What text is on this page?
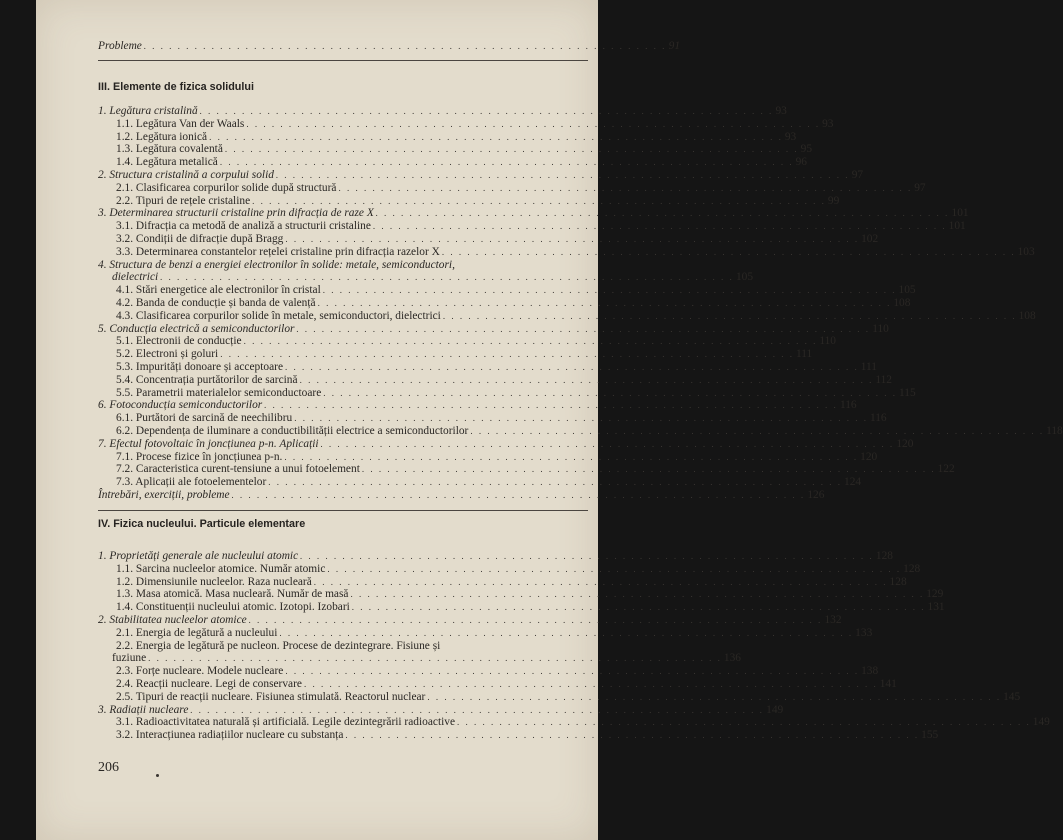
Probleme . . . . . . . . . . . . . . . . . . . . . . . . . . . . . . . . . . . . . . . . . . . . . . . . . . . . . . . . . . . . . . 91
III. Elemente de fizica solidului
1. Legătura cristalină . . . . . . . . . . . . . . . . . . . . . . . . . . . . . . . . . . . . . . . . . . . . . . . . . . . . . . . . . . . . . . . . . . . . 93
1.1. Legătura Van der Waals . . . . . . . . . . . . . . . . . . . . . . . . . . . . . . . . . . . . . . . . . . . . . . . . . . . . . . . . . . . . . . . . . . . . 93
1.2. Legătura ionică . . . . . . . . . . . . . . . . . . . . . . . . . . . . . . . . . . . . . . . . . . . . . . . . . . . . . . . . . . . . . . . . . . . . 93
1.3. Legătura covalentă . . . . . . . . . . . . . . . . . . . . . . . . . . . . . . . . . . . . . . . . . . . . . . . . . . . . . . . . . . . . . . . . . . . . 95
1.4. Legătura metalică . . . . . . . . . . . . . . . . . . . . . . . . . . . . . . . . . . . . . . . . . . . . . . . . . . . . . . . . . . . . . . . . . . . . 96
2. Structura cristalină a corpului solid . . . . . . . . . . . . . . . . . . . . . . . . . . . . . . . . . . . . . . . . . . . . . . . . . . . . . . . . . . . . . . . . . . . . 97
2.1. Clasificarea corpurilor solide după structură . . . . . . . . . . . . . . . . . . . . . . . . . . . . . . . . . . . . . . . . . . . . . . . . . . . . . . . . . . . . . . . . . . . . 97
2.2. Tipuri de rețele cristaline . . . . . . . . . . . . . . . . . . . . . . . . . . . . . . . . . . . . . . . . . . . . . . . . . . . . . . . . . . . . . . . . . . . . 99
3. Determinarea structurii cristaline prin difracția de raze X . . . . . . . . . . . . . . . . . . . . . . . . . . . . . . . . . . . . . . . . . . . . . . . . . . . . . . . . . . . . . . . . . . . . 101
3.1. Difracția ca metodă de analiză a structurii cristaline . . . . . . . . . . . . . . . . . . . . . . . . . . . . . . . . . . . . . . . . . . . . . . . . . . . . . . . . . . . . . . . . . . . . 101
3.2. Condiții de difracție după Bragg . . . . . . . . . . . . . . . . . . . . . . . . . . . . . . . . . . . . . . . . . . . . . . . . . . . . . . . . . . . . . . . . . . . . 102
3.3. Determinarea constantelor rețelei cristaline prin difracția razelor X . . . . . . . . . . . . . . . . . . . . . . . . . . . . . . . . . . . . . . . . . . . . . . . . . . . . . . . . . . . . . . . . . . . . 103
4. Structura de benzi a energiei electronilor în solide: metale, semiconductori,
dielectrici . . . . . . . . . . . . . . . . . . . . . . . . . . . . . . . . . . . . . . . . . . . . . . . . . . . . . . . . . . . . . . . . . . . . 105
4.1. Stări energetice ale electronilor în cristal . . . . . . . . . . . . . . . . . . . . . . . . . . . . . . . . . . . . . . . . . . . . . . . . . . . . . . . . . . . . . . . . . . . . 105
4.2. Banda de conducție și banda de valență . . . . . . . . . . . . . . . . . . . . . . . . . . . . . . . . . . . . . . . . . . . . . . . . . . . . . . . . . . . . . . . . . . . . 108
4.3. Clasificarea corpurilor solide în metale, semiconductori, dielectrici . . . . . . . . . . . . . . . . . . . . . . . . . . . . . . . . . . . . . . . . . . . . . . . . . . . . . . . . . . . . . . . . . . . . 108
5. Conducția electrică a semiconductorilor . . . . . . . . . . . . . . . . . . . . . . . . . . . . . . . . . . . . . . . . . . . . . . . . . . . . . . . . . . . . . . . . . . . . 110
5.1. Electronii de conducție . . . . . . . . . . . . . . . . . . . . . . . . . . . . . . . . . . . . . . . . . . . . . . . . . . . . . . . . . . . . . . . . . . . . 110
5.2. Electroni și goluri . . . . . . . . . . . . . . . . . . . . . . . . . . . . . . . . . . . . . . . . . . . . . . . . . . . . . . . . . . . . . . . . . . . . 111
5.3. Impurități donoare și acceptoare . . . . . . . . . . . . . . . . . . . . . . . . . . . . . . . . . . . . . . . . . . . . . . . . . . . . . . . . . . . . . . . . . . . . 111
5.4. Concentrația purtătorilor de sarcină . . . . . . . . . . . . . . . . . . . . . . . . . . . . . . . . . . . . . . . . . . . . . . . . . . . . . . . . . . . . . . . . . . . . 112
5.5. Parametrii materialelor semiconductoare . . . . . . . . . . . . . . . . . . . . . . . . . . . . . . . . . . . . . . . . . . . . . . . . . . . . . . . . . . . . . . . . . . . . 115
6. Fotoconducția semiconductorilor . . . . . . . . . . . . . . . . . . . . . . . . . . . . . . . . . . . . . . . . . . . . . . . . . . . . . . . . . . . . . . . . . . . . 116
6.1. Purtători de sarcină de neechilibru . . . . . . . . . . . . . . . . . . . . . . . . . . . . . . . . . . . . . . . . . . . . . . . . . . . . . . . . . . . . . . . . . . . . 116
6.2. Dependența de iluminare a conductibilității electrice a semiconductorilor . . . . . . . . . . . . . . . . . . . . . . . . . . . . . . . . . . . . . . . . . . . . . . . . . . . . . . . . . . . . . . . . . . . . 118
7. Efectul fotovoltaic în joncțiunea p-n. Aplicații . . . . . . . . . . . . . . . . . . . . . . . . . . . . . . . . . . . . . . . . . . . . . . . . . . . . . . . . . . . . . . . . . . . . 120
7.1. Procese fizice în joncțiunea p-n. . . . . . . . . . . . . . . . . . . . . . . . . . . . . . . . . . . . . . . . . . . . . . . . . . . . . . . . . . . . . . . . . . . . . 120
7.2. Caracteristica curent-tensiune a unui fotoelement . . . . . . . . . . . . . . . . . . . . . . . . . . . . . . . . . . . . . . . . . . . . . . . . . . . . . . . . . . . . . . . . . . . . 122
7.3. Aplicații ale fotoelementelor . . . . . . . . . . . . . . . . . . . . . . . . . . . . . . . . . . . . . . . . . . . . . . . . . . . . . . . . . . . . . . . . . . . . 124
Întrebări, exerciții, probleme . . . . . . . . . . . . . . . . . . . . . . . . . . . . . . . . . . . . . . . . . . . . . . . . . . . . . . . . . . . . . . . . . . . . 126
IV. Fizica nucleului. Particule elementare
1. Proprietăți generale ale nucleului atomic . . . . . . . . . . . . . . . . . . . . . . . . . . . . . . . . . . . . . . . . . . . . . . . . . . . . . . . . . . . . . . . . . . . . 128
1.1. Sarcina nucleelor atomice. Număr atomic . . . . . . . . . . . . . . . . . . . . . . . . . . . . . . . . . . . . . . . . . . . . . . . . . . . . . . . . . . . . . . . . . . . . 128
1.2. Dimensiunile nucleelor. Raza nucleară . . . . . . . . . . . . . . . . . . . . . . . . . . . . . . . . . . . . . . . . . . . . . . . . . . . . . . . . . . . . . . . . . . . . 128
1.3. Masa atomică. Masa nucleară. Număr de masă . . . . . . . . . . . . . . . . . . . . . . . . . . . . . . . . . . . . . . . . . . . . . . . . . . . . . . . . . . . . . . . . . . . . 129
1.4. Constituenții nucleului atomic. Izotopi. Izobari . . . . . . . . . . . . . . . . . . . . . . . . . . . . . . . . . . . . . . . . . . . . . . . . . . . . . . . . . . . . . . . . . . . . 131
2. Stabilitatea nucleelor atomice . . . . . . . . . . . . . . . . . . . . . . . . . . . . . . . . . . . . . . . . . . . . . . . . . . . . . . . . . . . . . . . . . . . . 132
2.1. Energia de legătură a nucleului . . . . . . . . . . . . . . . . . . . . . . . . . . . . . . . . . . . . . . . . . . . . . . . . . . . . . . . . . . . . . . . . . . . . 133
2.2. Energia de legătură pe nucleon. Procese de dezintegrare. Fisiune și
fuziune . . . . . . . . . . . . . . . . . . . . . . . . . . . . . . . . . . . . . . . . . . . . . . . . . . . . . . . . . . . . . . . . . . . . 136
2.3. Forțe nucleare. Modele nucleare . . . . . . . . . . . . . . . . . . . . . . . . . . . . . . . . . . . . . . . . . . . . . . . . . . . . . . . . . . . . . . . . . . . . 138
2.4. Reacții nucleare. Legi de conservare . . . . . . . . . . . . . . . . . . . . . . . . . . . . . . . . . . . . . . . . . . . . . . . . . . . . . . . . . . . . . . . . . . . . 141
2.5. Tipuri de reacții nucleare. Fisiunea stimulată. Reactorul nuclear . . . . . . . . . . . . . . . . . . . . . . . . . . . . . . . . . . . . . . . . . . . . . . . . . . . . . . . . . . . . . . . . . . . . 145
3. Radiații nucleare . . . . . . . . . . . . . . . . . . . . . . . . . . . . . . . . . . . . . . . . . . . . . . . . . . . . . . . . . . . . . . . . . . . . 149
3.1. Radioactivitatea naturală și artificială. Legile dezintegrării radioactive . . . . . . . . . . . . . . . . . . . . . . . . . . . . . . . . . . . . . . . . . . . . . . . . . . . . . . . . . . . . . . . . . . . . 149
3.2. Interacțiunea radiațiilor nucleare cu substanța . . . . . . . . . . . . . . . . . . . . . . . . . . . . . . . . . . . . . . . . . . . . . . . . . . . . . . . . . . . . . . . . . . . . 155
206
